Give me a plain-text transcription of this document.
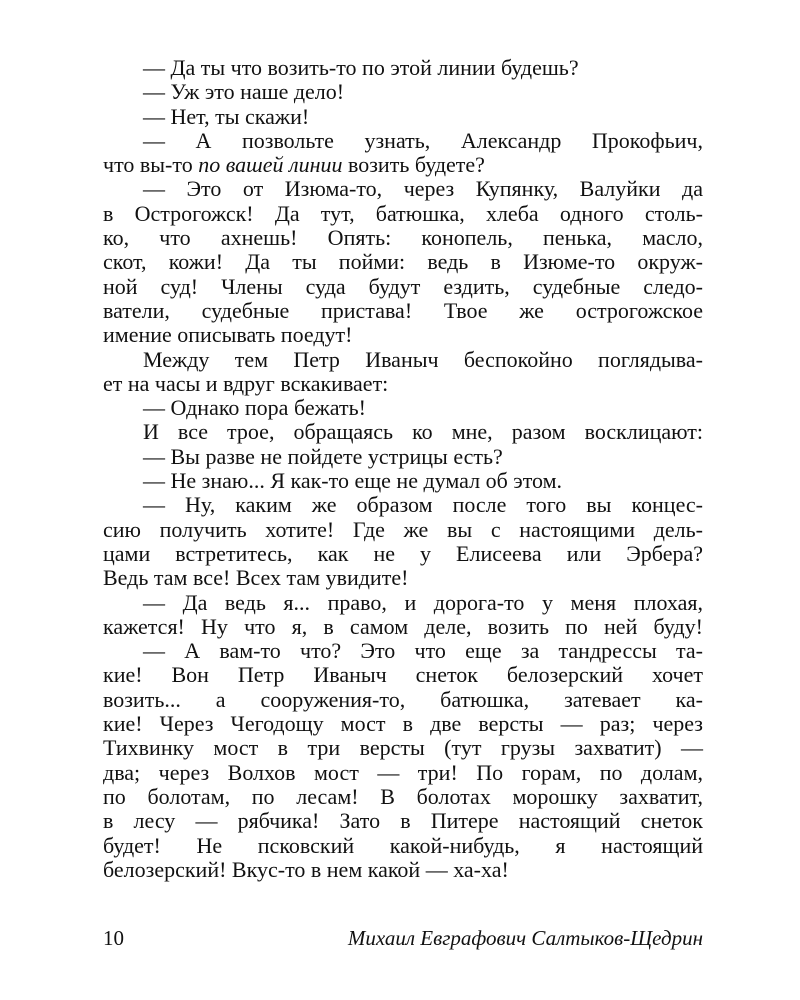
— Да ты что возить-то по этой линии будешь?
— Уж это наше дело!
— Нет, ты скажи!
— А позвольте узнать, Александр Прокофьич,
что вы-то по вашей линии возить будете?
— Это от Изюма-то, через Купянку, Валуйки да
в Острогожск! Да тут, батюшка, хлеба одного столь-
ко, что ахнешь! Опять: конопель, пенька, масло,
скот, кожи! Да ты пойми: ведь в Изюме-то окруж-
ной суд! Члены суда будут ездить, судебные следо-
ватели, судебные пристава! Твое же острогожское
имение описывать поедут!
Между тем Петр Иваныч беспокойно поглядыва-
ет на часы и вдруг вскакивает:
— Однако пора бежать!
И все трое, обращаясь ко мне, разом восклицают:
— Вы разве не пойдете устрицы есть?
— Не знаю... Я как-то еще не думал об этом.
— Ну, каким же образом после того вы концес-
сию получить хотите! Где же вы с настоящими дель-
цами встретитесь, как не у Елисеева или Эрбера?
Ведь там все! Всех там увидите!
— Да ведь я... право, и дорога-то у меня плохая,
кажется! Ну что я, в самом деле, возить по ней буду!
— А вам-то что? Это что еще за тандрессы та-
кие! Вон Петр Иваныч снеток белозерский хочет
возить... а сооружения-то, батюшка, затевает ка-
кие! Через Чегодощу мост в две версты — раз; через
Тихвинку мост в три версты (тут грузы захватит) —
два; через Волхов мост — три! По горам, по долам,
по болотам, по лесам! В болотах морошку захватит,
в лесу — рябчика! Зато в Питере настоящий снеток
будет! Не псковский какой-нибудь, я настоящий
белозерский! Вкус-то в нем какой — ха-ха!
10	Михаил Евграфович Салтыков-Щедрин
